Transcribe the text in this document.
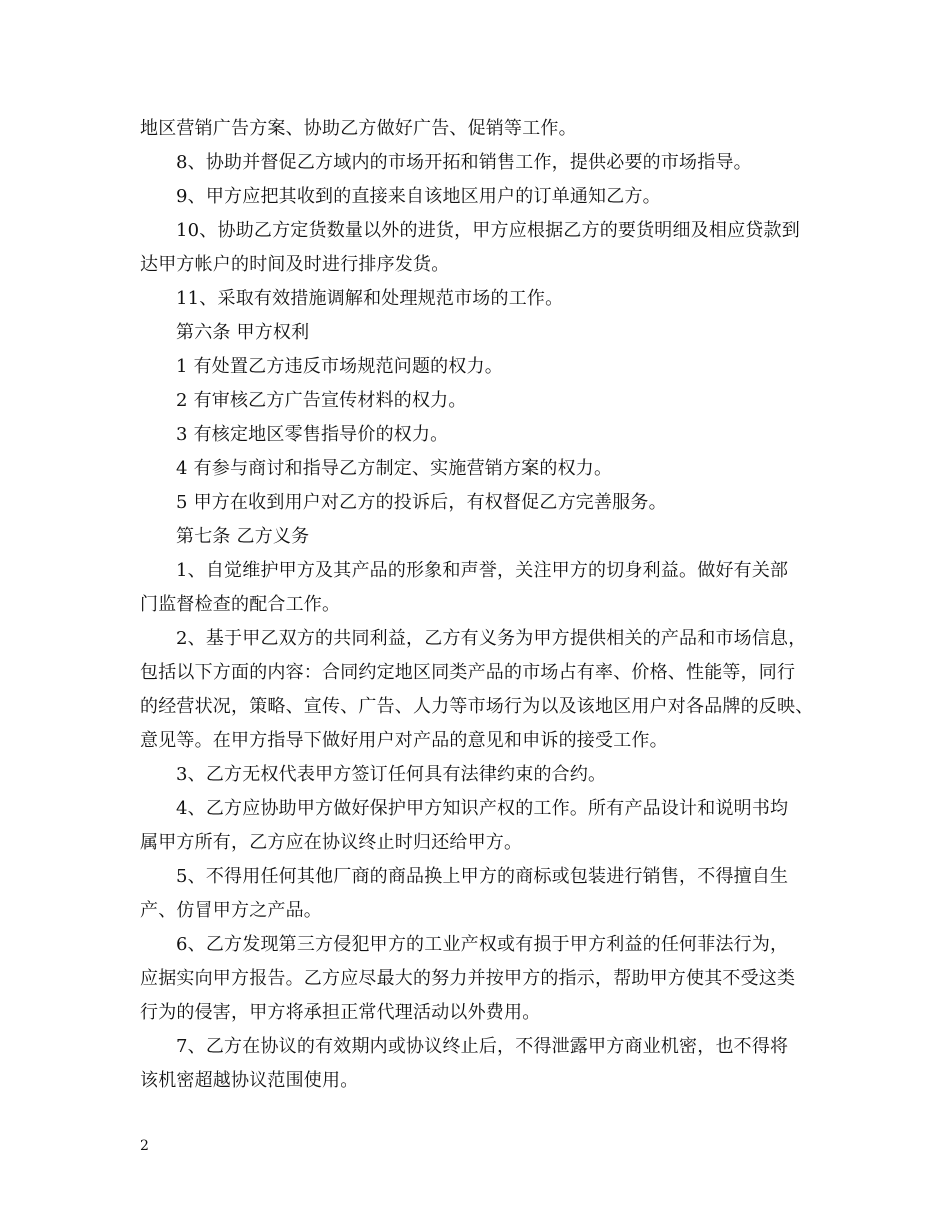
地区营销广告方案、协助乙方做好广告、促销等工作。
8、协助并督促乙方域内的市场开拓和销售工作，提供必要的市场指导。
9、甲方应把其收到的直接来自该地区用户的订单通知乙方。
10、协助乙方定货数量以外的进货，甲方应根据乙方的要货明细及相应贷款到
达甲方帐户的时间及时进行排序发货。
11、采取有效措施调解和处理规范市场的工作。
第六条 甲方权利
1 有处置乙方违反市场规范问题的权力。
2 有审核乙方广告宣传材料的权力。
3 有核定地区零售指导价的权力。
4 有参与商讨和指导乙方制定、实施营销方案的权力。
5 甲方在收到用户对乙方的投诉后，有权督促乙方完善服务。
第七条 乙方义务
1、自觉维护甲方及其产品的形象和声誉，关注甲方的切身利益。做好有关部
门监督检查的配合工作。
2、基于甲乙双方的共同利益，乙方有义务为甲方提供相关的产品和市场信息，
包括以下方面的内容：合同约定地区同类产品的市场占有率、价格、性能等，同行
的经营状况，策略、宣传、广告、人力等市场行为以及该地区用户对各品牌的反映、
意见等。在甲方指导下做好用户对产品的意见和申诉的接受工作。
3、乙方无权代表甲方签订任何具有法律约束的合约。
4、乙方应协助甲方做好保护甲方知识产权的工作。所有产品设计和说明书均
属甲方所有，乙方应在协议终止时归还给甲方。
5、不得用任何其他厂商的商品换上甲方的商标或包装进行销售，不得擅自生
产、仿冒甲方之产品。
6、乙方发现第三方侵犯甲方的工业产权或有损于甲方利益的任何菲法行为，
应据实向甲方报告。乙方应尽最大的努力并按甲方的指示，帮助甲方使其不受这类
行为的侵害，甲方将承担正常代理活动以外费用。
7、乙方在协议的有效期内或协议终止后，不得泄露甲方商业机密，也不得将
该机密超越协议范围使用。
2
